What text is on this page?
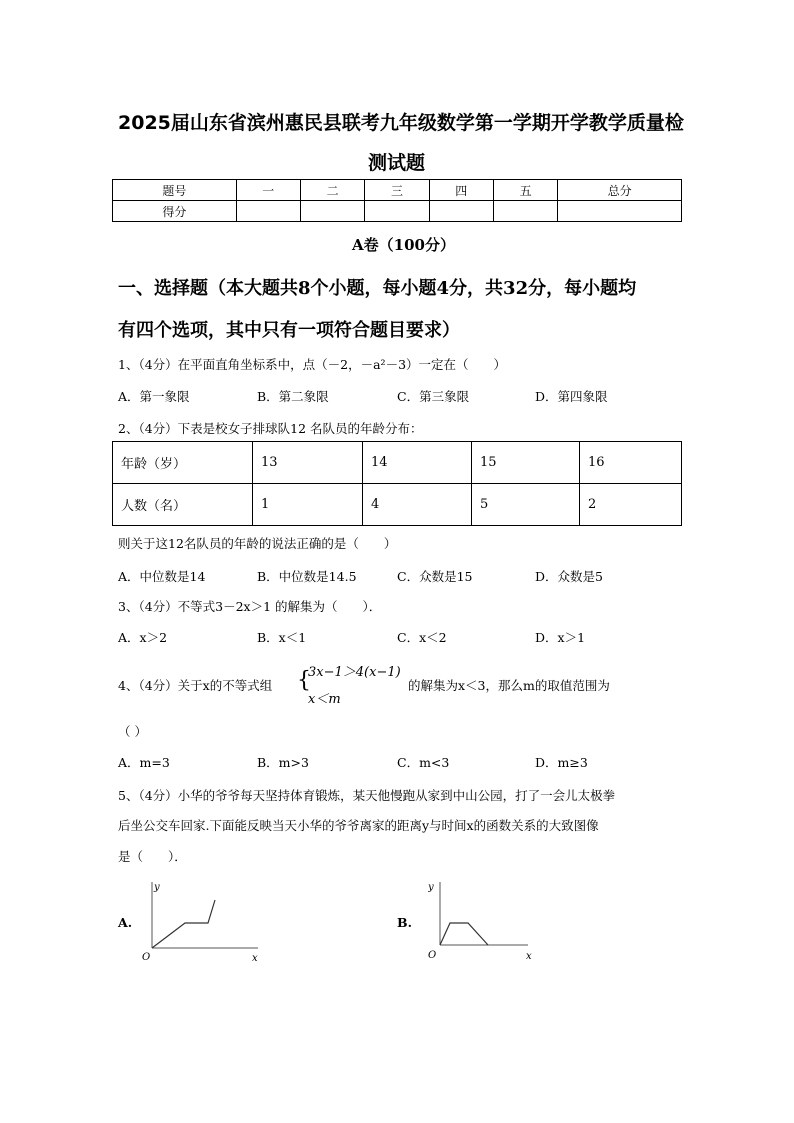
2025届山东省滨州惠民县联考九年级数学第一学期开学教学质量检
测试题
题号	一	二	三	四	五	总分
得分						
A卷（100分）
一、选择题（本大题共8个小题，每小题4分，共32分，每小题均
有四个选项，其中只有一项符合题目要求）
1、（4分）在平面直角坐标系中，点（－2，－a²－3）一定在（　　）
A．第一象限	B．第二象限	C．第三象限	D．第四象限
2、（4分）下表是校女子排球队12 名队员的年龄分布：
年龄（岁）	13	14	15	16
人数（名）	1	4	5	2
则关于这12名队员的年龄的说法正确的是（　　）
A．中位数是14	B．中位数是14.5	C．众数是15	D．众数是5
3、（4分）不等式3－2x＞1 的解集为（　　）．
A．x＞2	B．x＜1	C．x＜2	D．x＞1
4、（4分）关于x的不等式组 {
3x−1＞4(x−1)
x＜m
的解集为x＜3，那么m的取值范围为
（ ）
A．m=3	B．m>3	C．m<3	D．m≥3
5、（4分）小华的爷爷每天坚持体育锻炼，某天他慢跑从家到中山公园，打了一会儿太极拳
后坐公交车回家.下面能反映当天小华的爷爷离家的距离y与时间x的函数关系的大致图像
是（　　）．
A.
y
x
O
B.
y
x
O
